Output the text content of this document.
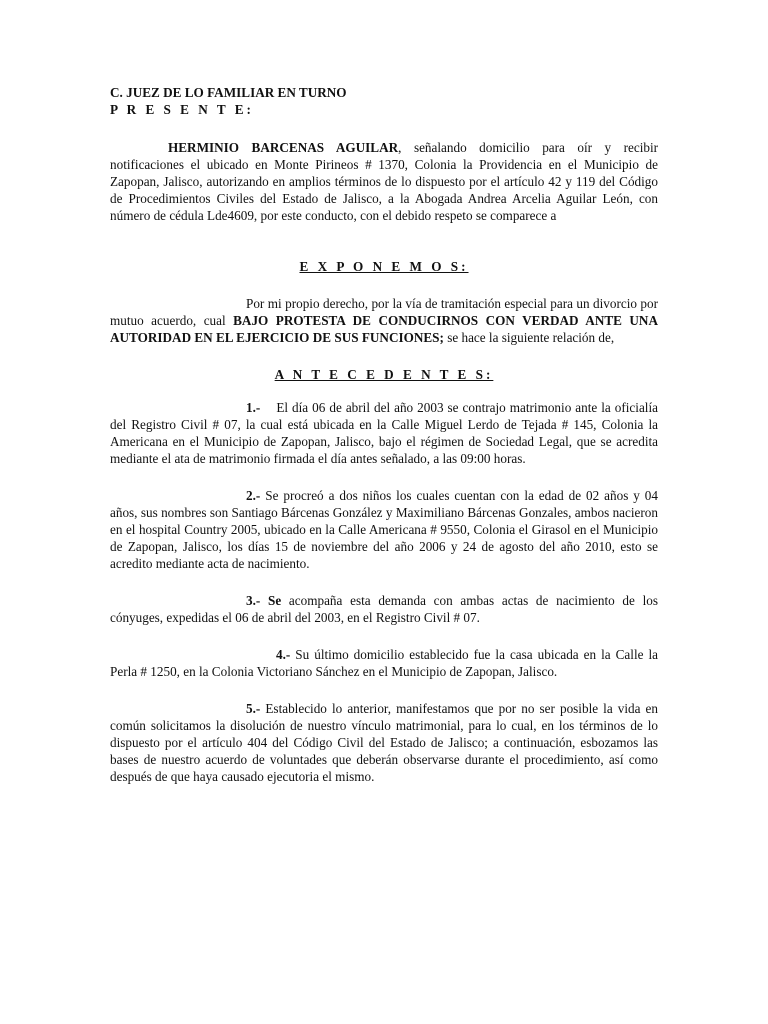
C. JUEZ DE LO FAMILIAR EN TURNO
P R E S E N T E:

HERMINIO BARCENAS AGUILAR, señalando domicilio para oír y recibir notificaciones el ubicado en Monte Pirineos # 1370, Colonia la Providencia en el Municipio de Zapopan, Jalisco, autorizando en amplios términos de lo dispuesto por el artículo 42 y 119 del Código de Procedimientos Civiles del Estado de Jalisco, a la Abogada Andrea Arcelia Aguilar León, con número de cédula Lde4609, por este conducto, con el debido respeto se comparece a

E X P O N E M O S:

Por mi propio derecho, por la vía de tramitación especial para un divorcio por mutuo acuerdo, cual BAJO PROTESTA DE CONDUCIRNOS CON VERDAD ANTE UNA AUTORIDAD EN EL EJERCICIO DE SUS FUNCIONES; se hace la siguiente relación de,

A N T E C E D E N T E S:

1.-    El día 06 de abril del año 2003 se contrajo matrimonio ante la oficialía del Registro Civil # 07, la cual está ubicada en la Calle Miguel Lerdo de Tejada # 145, Colonia la Americana en el Municipio de Zapopan, Jalisco, bajo el régimen de Sociedad Legal, que se acredita mediante el ata de matrimonio firmada el día antes señalado, a las 09:00 horas.

2.- Se procreó a dos niños los cuales cuentan con la edad de 02 años y 04 años, sus nombres son Santiago Bárcenas González y Maximiliano Bárcenas Gonzales, ambos nacieron en el hospital Country 2005, ubicado en la Calle Americana # 9550, Colonia el Girasol en el Municipio de Zapopan, Jalisco, los días 15 de noviembre del año 2006 y 24 de agosto del año 2010, esto se acredito mediante acta de nacimiento.

3.- Se acompaña esta demanda con ambas actas de nacimiento de los cónyuges, expedidas el 06 de abril del 2003, en el Registro Civil # 07.

4.- Su último domicilio establecido fue la casa ubicada en la Calle la Perla # 1250, en la Colonia Victoriano Sánchez en el Municipio de Zapopan, Jalisco.

5.- Establecido lo anterior, manifestamos que por no ser posible la vida en común solicitamos la disolución de nuestro vínculo matrimonial, para lo cual, en los términos de lo dispuesto por el artículo 404 del Código Civil del Estado de Jalisco; a continuación, esbozamos las bases de nuestro acuerdo de voluntades que deberán observarse durante el procedimiento, así como después de que haya causado ejecutoria el mismo.
